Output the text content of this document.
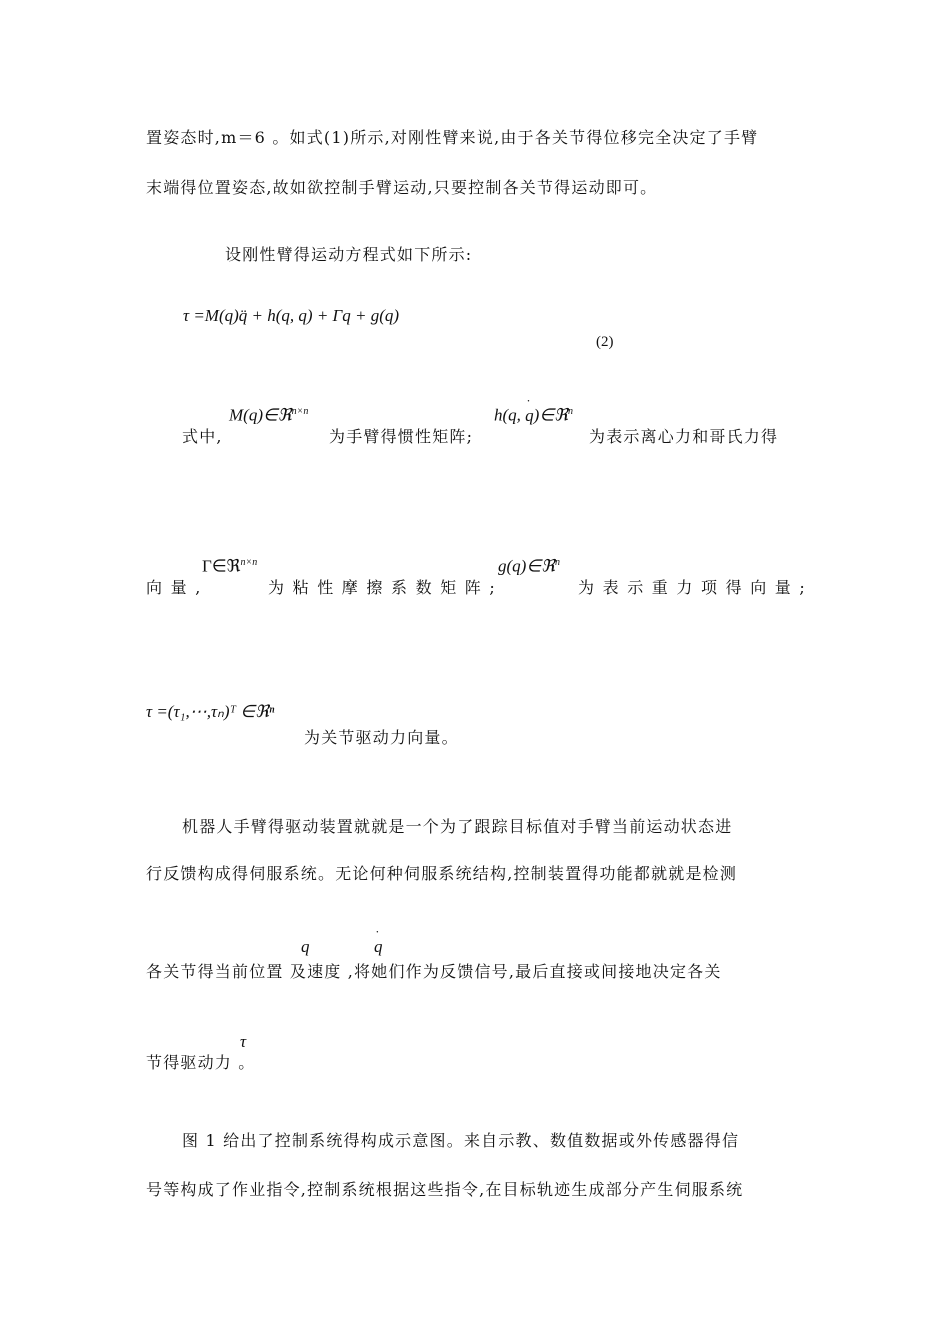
置姿态时,m＝6 。如式(1)所示,对刚性臂来说,由于各关节得位移完全决定了手臂
末端得位置姿态,故如欲控制手臂运动,只要控制各关节得运动即可。
设刚性臂得运动方程式如下所示:
τ =M(q)q̈ + h(q, q) + Γq + g(q)
(2)
M(q)∈ℜ$^{n\times n}$	h(q, ˙ q)∈ℜ$^n$
式中,	为手臂得惯性矩阵;	为表示离心力和哥氏力得
Γ∈ℜ$^{n\times n}$	g(q)∈ℜ$^n$
向量,	为粘性摩擦系数矩阵;	为表示重力项得向量;
τ =(τ₁,⋯,τₙ)ᵀ ∈ℜⁿ
为关节驱动力向量。
机器人手臂得驱动装置就就是一个为了跟踪目标值对手臂当前运动状态进
行反馈构成得伺服系统。无论何种伺服系统结构,控制装置得功能都就就是检测
q	˙ q
各关节得当前位置 及速度 ,将她们作为反馈信号,最后直接或间接地决定各关
τ
节得驱动力 。
图 1 给出了控制系统得构成示意图。来自示教、数值数据或外传感器得信
号等构成了作业指令,控制系统根据这些指令,在目标轨迹生成部分产生伺服系统
